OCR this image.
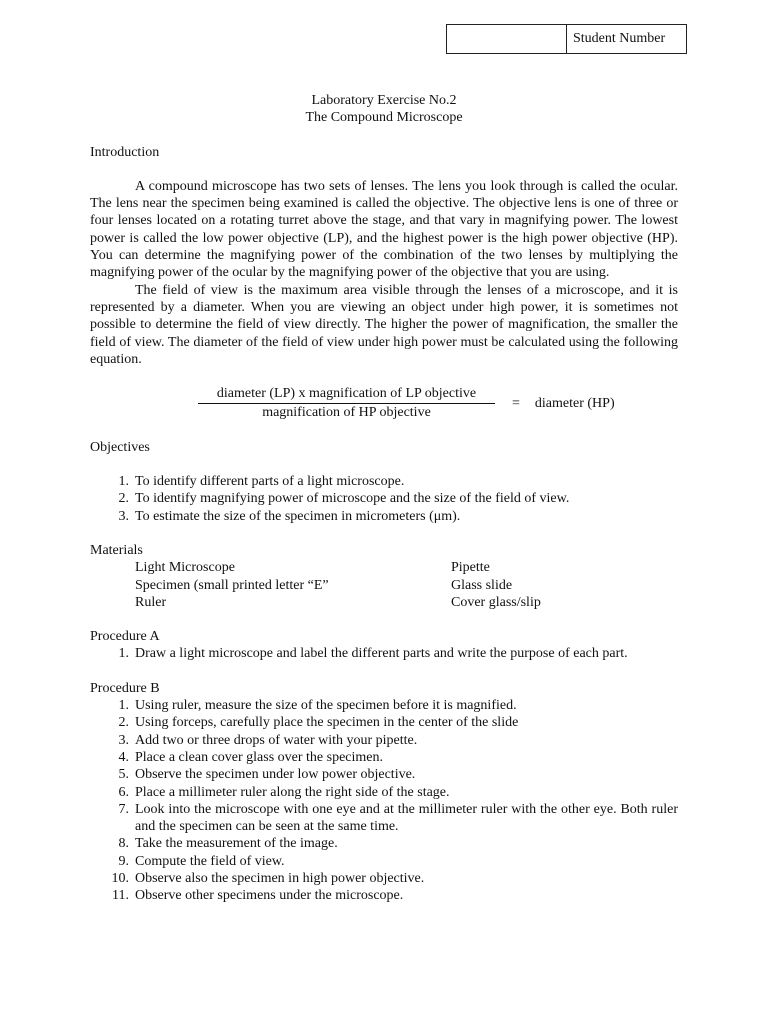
Student Number
Laboratory Exercise No.2
The Compound Microscope
Introduction

A compound microscope has two sets of lenses. The lens you look through is called the ocular. The lens near the specimen being examined is called the objective. The objective lens is one of three or four lenses located on a rotating turret above the stage, and that vary in magnifying power. The lowest power is called the low power objective (LP), and the highest power is the high power objective (HP). You can determine the magnifying power of the combination of the two lenses by multiplying the magnifying power of the ocular by the magnifying power of the objective that you are using.

The field of view is the maximum area visible through the lenses of a microscope, and it is represented by a diameter. When you are viewing an object under high power, it is sometimes not possible to determine the field of view directly. The higher the power of magnification, the smaller the field of view. The diameter of the field of view under high power must be calculated using the following equation.

$\frac{\text{diameter (LP) x magnification of LP objective}}{\text{magnification of HP objective}}$ = diameter (HP)
Objectives
1. To identify different parts of a light microscope.
2. To identify magnifying power of microscope and the size of the field of view.
3. To estimate the size of the specimen in micrometers (μm).
Materials
Light Microscope
Specimen (small printed letter “E”
Ruler
Pipette
Glass slide
Cover glass/slip
Procedure A
1. Draw a light microscope and label the different parts and write the purpose of each part.
Procedure B
1. Using ruler, measure the size of the specimen before it is magnified.
2. Using forceps, carefully place the specimen in the center of the slide
3. Add two or three drops of water with your pipette.
4. Place a clean cover glass over the specimen.
5. Observe the specimen under low power objective.
6. Place a millimeter ruler along the right side of the stage.
7. Look into the microscope with one eye and at the millimeter ruler with the other eye. Both ruler and the specimen can be seen at the same time.
8. Take the measurement of the image.
9. Compute the field of view.
10. Observe also the specimen in high power objective.
11. Observe other specimens under the microscope.
